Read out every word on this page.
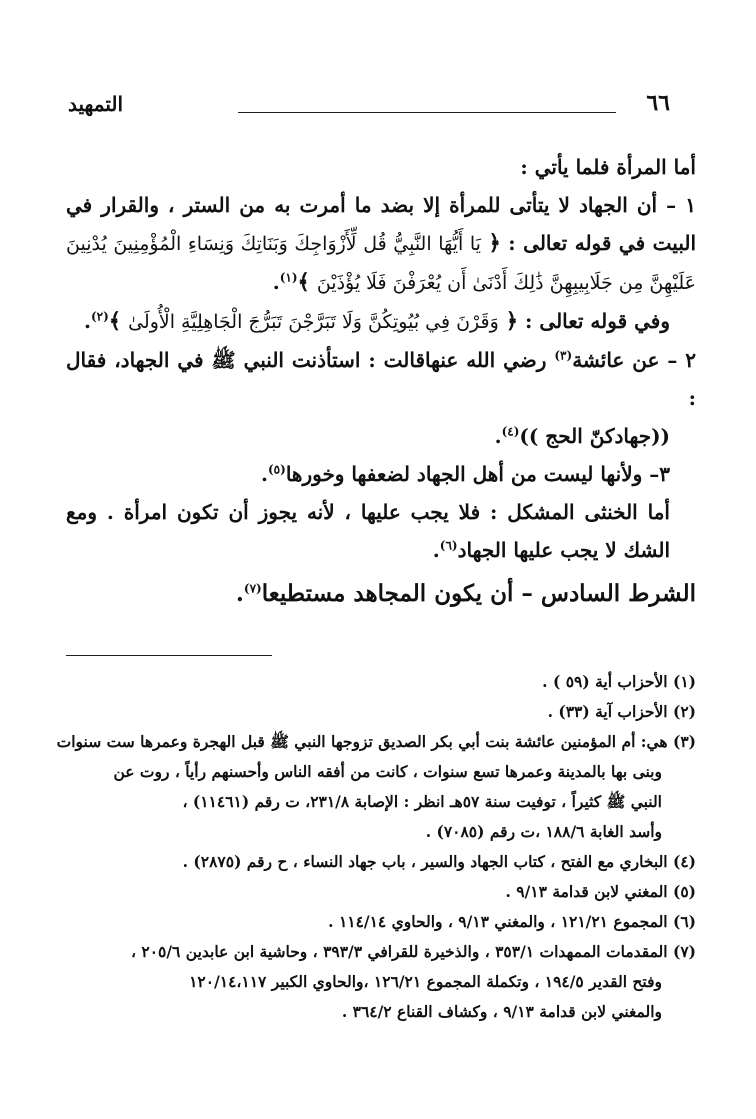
٦٦
التمهيد

أما المرأة فلما يأتي :

١ – أن الجهاد لا يتأتى للمرأة إلا بضد ما أمرت به من الستر ، والقرار في البيت في قوله تعالى : ﴿ يَا أَيُّهَا النَّبِيُّ قُل لِّأَزْوَاجِكَ وَبَنَاتِكَ وَنِسَاءِ الْمُؤْمِنِينَ يُدْنِينَ عَلَيْهِنَّ مِن جَلَابِيبِهِنَّ ذَٰلِكَ أَدْنَىٰ أَن يُعْرَفْنَ فَلَا يُؤْذَيْنَ ﴾$^{(١)}$.

وفي قوله تعالى : ﴿ وَقَرْنَ فِي بُيُوتِكُنَّ وَلَا تَبَرَّجْنَ تَبَرُّجَ الْجَاهِلِيَّةِ الْأُولَىٰ ﴾$^{(٢)}$.

٢ – عن عائشة$^{(٣)}$ رضي الله عنهاقالت : استأذنت النبي ﷺ في الجهاد، فقال :

((جهادكنّ الحج ))$^{(٤)}$.

٣– ولأنها ليست من أهل الجهاد لضعفها وخورها$^{(٥)}$.

أما الخنثى المشكل : فلا يجب عليها ، لأنه يجوز أن تكون امرأة . ومع الشك لا يجب عليها الجهاد$^{(٦)}$.

الشرط السادس – أن يكون المجاهد مستطيعا$^{(٧)}$.

(١) الأحزاب أية (٥٩ ) .

(٢) الأحزاب آية (٣٣) .

(٣) هي: أم المؤمنين عائشة بنت أبي بكر الصديق تزوجها النبي ﷺ قبل الهجرة وعمرها ست سنوات

وبنى بها بالمدينة وعمرها تسع سنوات ، كانت من أفقه الناس وأحسنهم رأياً ، روت عن

النبي ﷺ كثيراً ، توفيت سنة ٥٧هـ انظر : الإصابة ٢٣١/٨، ت رقم (١١٤٦١) ،

وأسد الغابة ١٨٨/٦ ،ت رقم (٧٠٨٥) .

(٤) البخاري مع الفتح ، كتاب الجهاد والسير ، باب جهاد النساء ، ح رقم (٢٨٧٥) .

(٥) المغني لابن قدامة ٩/١٣ .

(٦) المجموع ١٢١/٢١ ، والمغني ٩/١٣ ، والحاوي ١١٤/١٤ .

(٧) المقدمات الممهدات ٣٥٣/١ ، والذخيرة للقرافي ٣٩٣/٣ ، وحاشية ابن عابدين ٢٠٥/٦ ،

وفتح القدير ١٩٤/٥ ، وتكملة المجموع ١٢٦/٢١ ،والحاوي الكبير ١٢٠/١٤،١١٧

والمغني لابن قدامة ٩/١٣ ، وكشاف القناع ٣٦٤/٢ .
